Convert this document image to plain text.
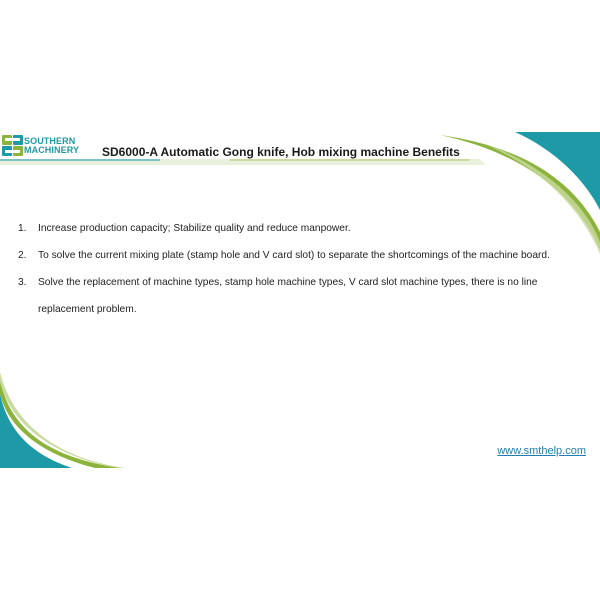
SOUTHERN
MACHINERY SD6000-A Automatic Gong knife, Hob mixing machine Benefits
1. Increase production capacity; Stabilize quality and reduce manpower.
2. To solve the current mixing plate (stamp hole and V card slot) to separate the shortcomings of the machine board.
3. Solve the replacement of machine types, stamp hole machine types, V card slot machine types, there is no line replacement problem.
www.smthelp.com
